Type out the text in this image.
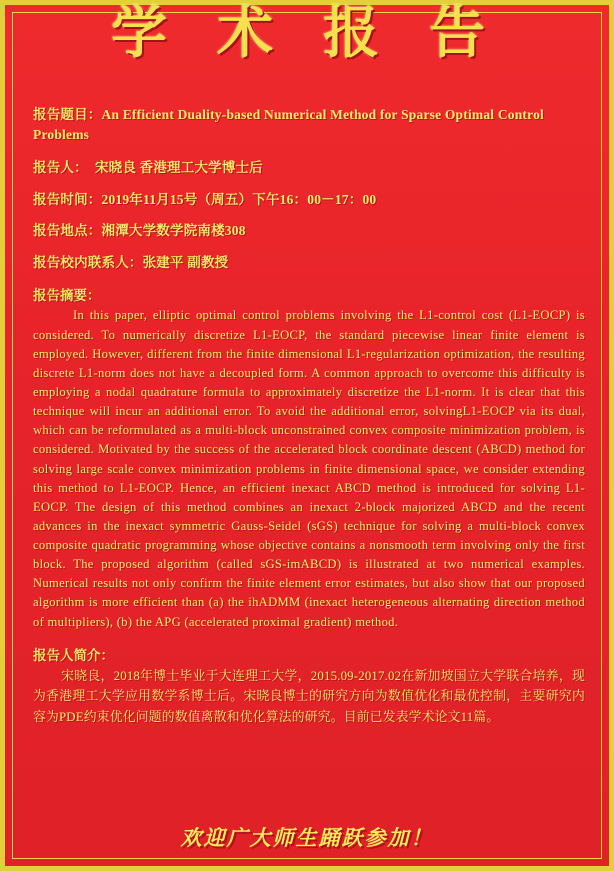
学 术 报 告
报告题目：An Efficient Duality-based Numerical Method for Sparse Optimal Control Problems
报告人： 宋晓良 香港理工大学博士后
报告时间：2019年11月15号（周五）下午16：00－17：00
报告地点：湘潭大学数学院南楼308
报告校内联系人：张建平 副教授
报告摘要：
In this paper, elliptic optimal control problems involving the L1-control cost (L1-EOCP) is considered. To numerically discretize L1-EOCP, the standard piecewise linear finite element is employed. However, different from the finite dimensional L1-regularization optimization, the resulting discrete L1-norm does not have a decoupled form. A common approach to overcome this difficulty is employing a nodal quadrature formula to approximately discretize the L1-norm. It is clear that this technique will incur an additional error. To avoid the additional error, solvingL1-EOCP via its dual, which can be reformulated as a multi-block unconstrained convex composite minimization problem, is considered. Motivated by the success of the accelerated block coordinate descent (ABCD) method for solving large scale convex minimization problems in finite dimensional space, we consider extending this method to L1-EOCP. Hence, an efficient inexact ABCD method is introduced for solving L1-EOCP. The design of this method combines an inexact 2-block majorized ABCD and the recent advances in the inexact symmetric Gauss-Seidel (sGS) technique for solving a multi-block convex composite quadratic programming whose objective contains a nonsmooth term involving only the first block. The proposed algorithm (called sGS-imABCD) is illustrated at two numerical examples. Numerical results not only confirm the finite element error estimates, but also show that our proposed algorithm is more efficient than (a) the ihADMM (inexact heterogeneous alternating direction method of multipliers), (b) the APG (accelerated proximal gradient) method.
报告人简介：
宋晓良，2018年博士毕业于大连理工大学，2015.09-2017.02在新加坡国立大学联合培养，现为香港理工大学应用数学系博士后。宋晓良博士的研究方向为数值优化和最优控制，主要研究内容为PDE约束优化问题的数值离散和优化算法的研究。目前已发表学术论文11篇。
欢迎广大师生踊跃参加！
